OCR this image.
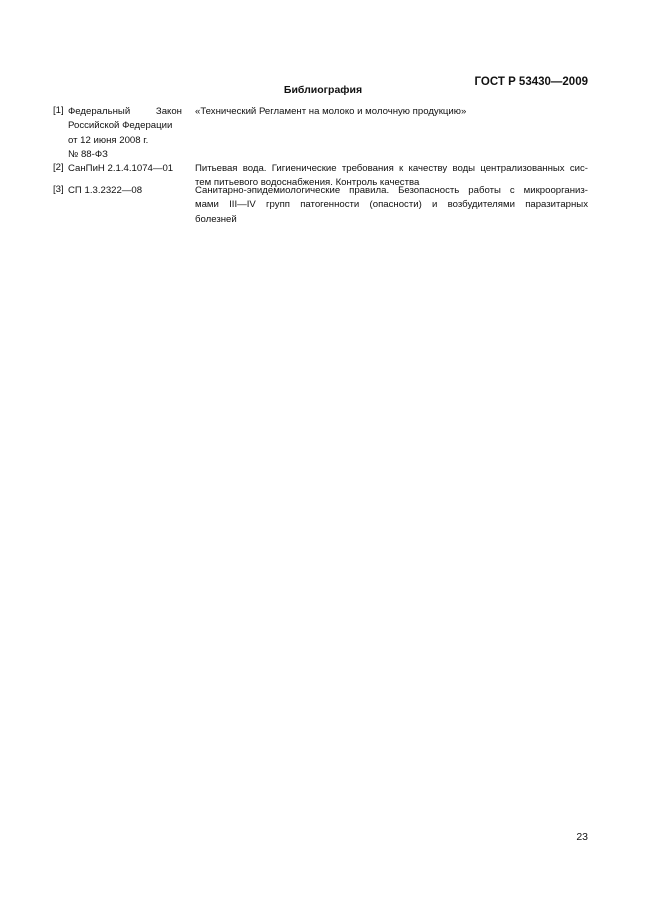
ГОСТ Р 53430—2009
Библиография
[1] Федеральный Закон
Российской Федерации
от 12 июня 2008 г.
№ 88-ФЗ
«Технический Регламент на молоко и молочную продукцию»
[2] СанПиН 2.1.4.1074—01	Питьевая вода. Гигиенические требования к качеству воды централизованных сис-
тем питьевого водоснабжения. Контроль качества
[3] СП 1.3.2322—08	Санитарно-эпидемиологические правила. Безопасность работы с микроорганиз-
мами III—IV групп патогенности (опасности) и возбудителями паразитарных
болезней
23
